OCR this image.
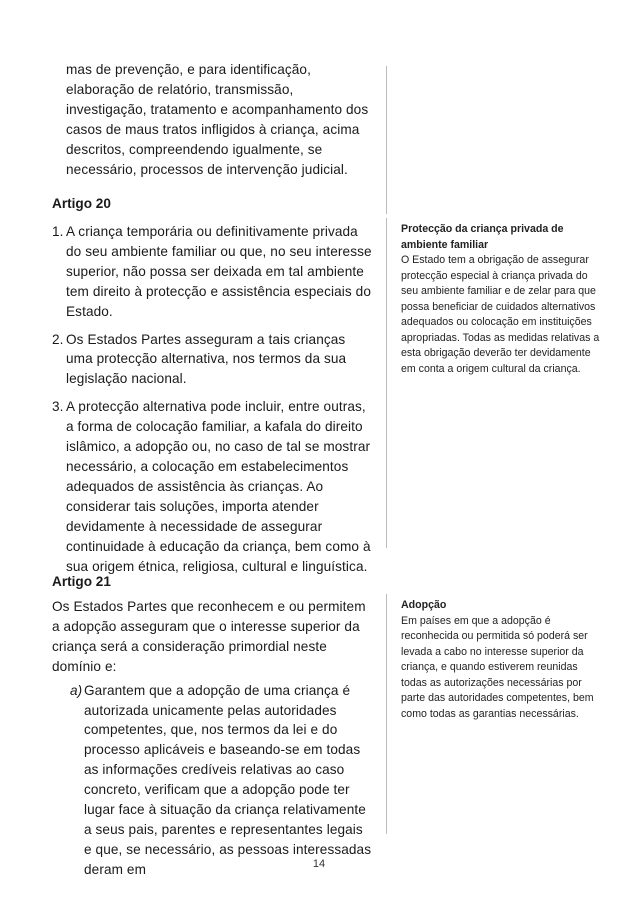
mas de prevenção, e para identificação, elaboração de relatório, transmissão, investigação, tratamento e acompanhamento dos casos de maus tratos infligidos à criança, acima descritos, compreendendo igualmente, se necessário, processos de intervenção judicial.

Artigo 20

1. A criança temporária ou definitivamente privada do seu ambiente familiar ou que, no seu interesse superior, não possa ser deixada em tal ambiente tem direito à protecção e assistência especiais do Estado.

2. Os Estados Partes asseguram a tais crianças uma protecção alternativa, nos termos da sua legislação nacional.

3. A protecção alternativa pode incluir, entre outras, a forma de colocação familiar, a kafala do direito islâmico, a adopção ou, no caso de tal se mostrar necessário, a colocação em estabelecimentos adequados de assistência às crianças. Ao considerar tais soluções, importa atender devidamente à necessidade de assegurar continuidade à educação da criança, bem como à sua origem étnica, religiosa, cultural e linguística.

Protecção da criança privada de ambiente familiar
O Estado tem a obrigação de assegurar protecção especial à criança privada do seu ambiente familiar e de zelar para que possa beneficiar de cuidados alternativos adequados ou colocação em instituições apropriadas. Todas as medidas relativas a esta obrigação deverão ter devidamente em conta a origem cultural da criança.
Artigo 21

Os Estados Partes que reconhecem e ou permitem a adopção asseguram que o interesse superior da criança será a consideração primordial neste domínio e:

a) Garantem que a adopção de uma criança é autorizada unicamente pelas autoridades competentes, que, nos termos da lei e do processo aplicáveis e baseando-se em todas as informações credíveis relativas ao caso concreto, verificam que a adopção pode ter lugar face à situação da criança relativamente a seus pais, parentes e representantes legais e que, se necessário, as pessoas interessadas deram em

Adopção
Em países em que a adopção é reconhecida ou permitida só poderá ser levada a cabo no interesse superior da criança, e quando estiverem reunidas todas as autorizações necessárias por parte das autoridades competentes, bem como todas as garantias necessárias.
14
